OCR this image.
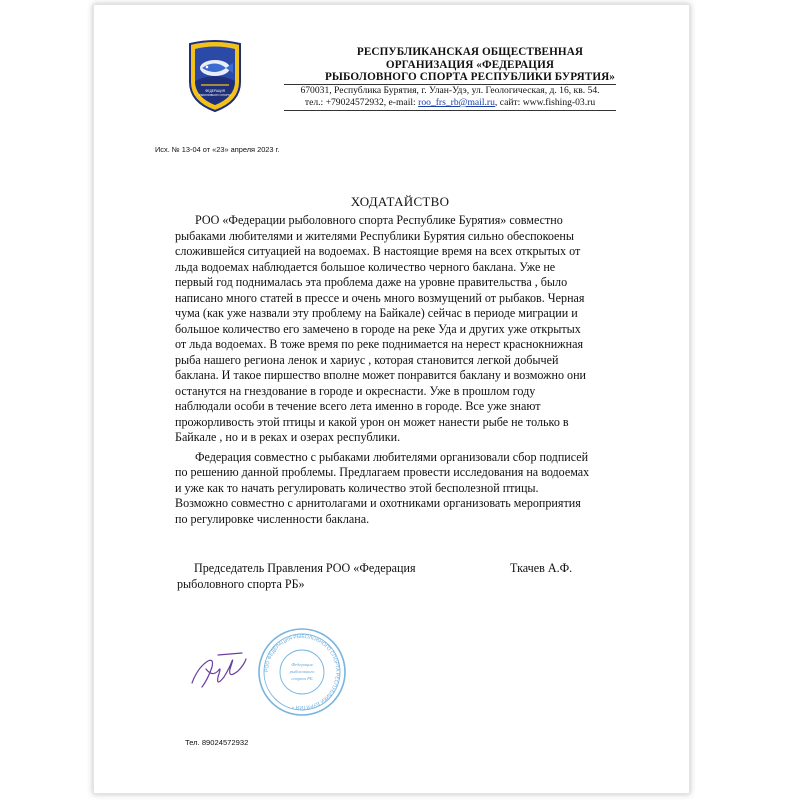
ФЕДЕРАЦИЯ
РЫБОЛОВНОГО СПОРТА
РЕСПУБЛИКАНСКАЯ ОБЩЕСТВЕННАЯ
ОРГАНИЗАЦИЯ «ФЕДЕРАЦИЯ
РЫБОЛОВНОГО СПОРТА РЕСПУБЛИКИ БУРЯТИЯ»
670031, Республика Бурятия, г. Улан-Удэ, ул. Геологическая, д. 16, кв. 54.
тел.: +79024572932, e-mail: roo_frs_rb@mail.ru, сайт: www.fishing-03.ru
Исх. № 13-04 от «23» апреля 2023 г.
ХОДАТАЙСТВО

РОО «Федерации рыболовного спорта Республике Бурятия» совместно
рыбаками любителями и жителями Республики Бурятия сильно обеспокоены
сложившейся ситуацией на водоемах. В настоящие время на всех открытых от
льда водоемах наблюдается большое количество черного баклана. Уже не
первый год поднималась эта проблема даже на уровне правительства , было
написано много статей в прессе и очень много возмущений от рыбаков. Черная
чума (как уже назвали эту проблему на Байкале) сейчас в периоде миграции и
большое количество его замечено в городе на реке Уда и других уже открытых
от льда водоемах. В тоже время по реке поднимается на нерест краснокнижная
рыба нашего региона ленок и хариус , которая становится легкой добычей
баклана. И такое пиршество вполне может понравится баклану и возможно они
останутся на гнездование в городе и окреснасти. Уже в прошлом году
наблюдали особи в течение всего лета именно в городе. Все уже знают
прожорливость этой птицы и какой урон он может нанести рыбе не только в
Байкале , но и в реках и озерах республики.

Федерация совместно с рыбаками любителями организовали сбор подписей
по решению данной проблемы. Предлагаем провести исследования на водоемах
и уже как то начать регулировать количество этой бесполезной птицы.
Возможно совместно с арнитолагами и охотниками организовать мероприятия
по регулировке численности баклана.

Председатель Правления РОО «Федерация
рыболовного спорта РБ»
Ткачев А.Ф.
РОО ФЕДЕРАЦИЯ РЫБОЛОВНОГО СПОРТА РЕСПУБЛИКИ БУРЯТИЯ *
Федерация
рыболовного
спорта РБ
Тел. 89024572932
